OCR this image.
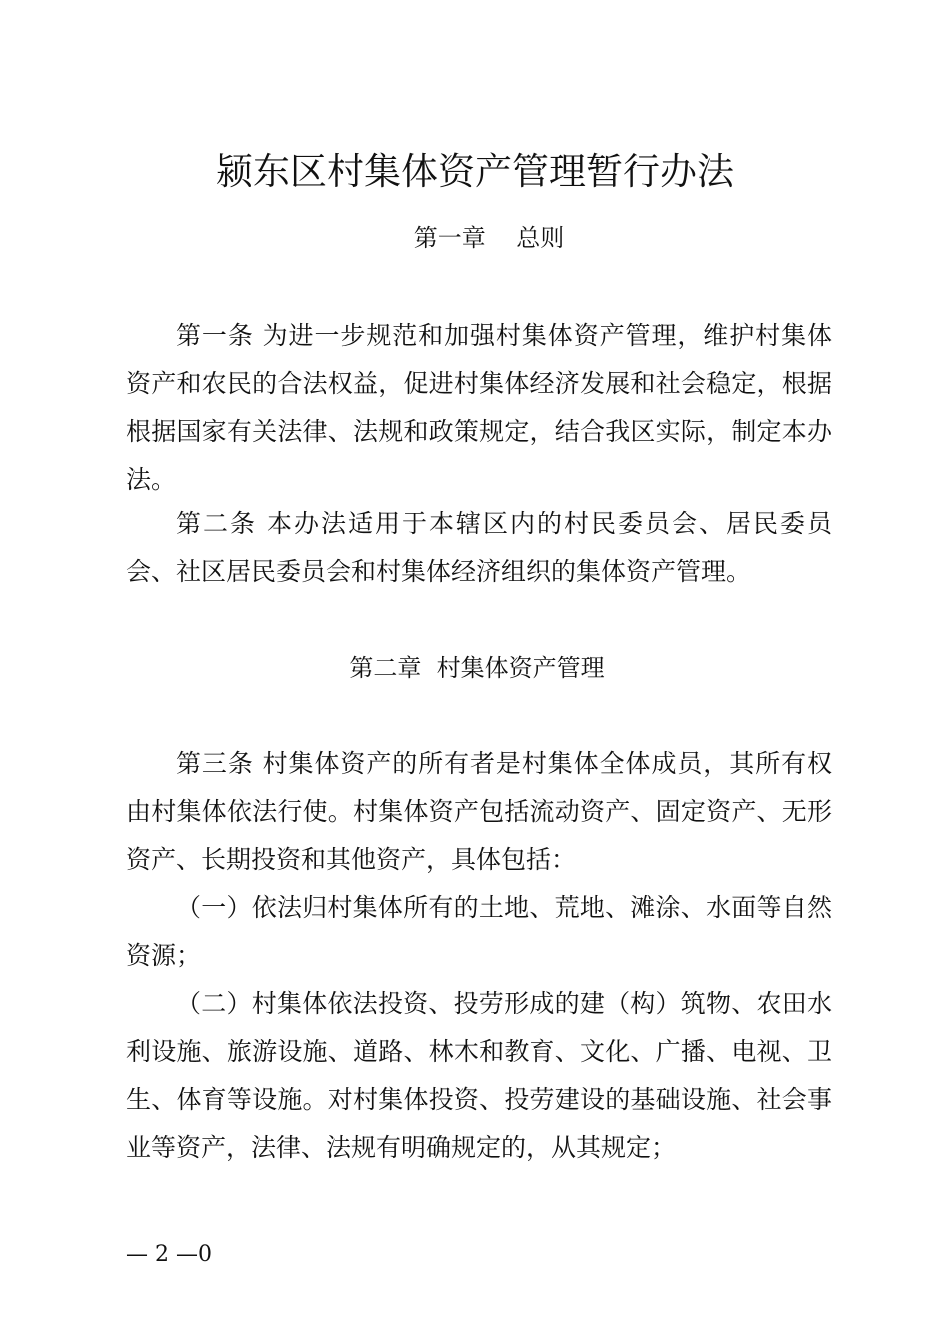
颍东区村集体资产管理暂行办法
第一章    总则

第一条 为进一步规范和加强村集体资产管理，维护村集体资产和农民的合法权益，促进村集体经济发展和社会稳定，根据根据国家有关法律、法规和政策规定，结合我区实际，制定本办法。

第二条 本办法适用于本辖区内的村民委员会、居民委员会、社区居民委员会和村集体经济组织的集体资产管理。

第二章  村集体资产管理

第三条 村集体资产的所有者是村集体全体成员，其所有权由村集体依法行使。村集体资产包括流动资产、固定资产、无形资产、长期投资和其他资产，具体包括：

（一）依法归村集体所有的土地、荒地、滩涂、水面等自然资源；

（二）村集体依法投资、投劳形成的建（构）筑物、农田水利设施、旅游设施、道路、林木和教育、文化、广播、电视、卫生、体育等设施。对村集体投资、投劳建设的基础设施、社会事业等资产，法律、法规有明确规定的，从其规定；

— 2 —0
